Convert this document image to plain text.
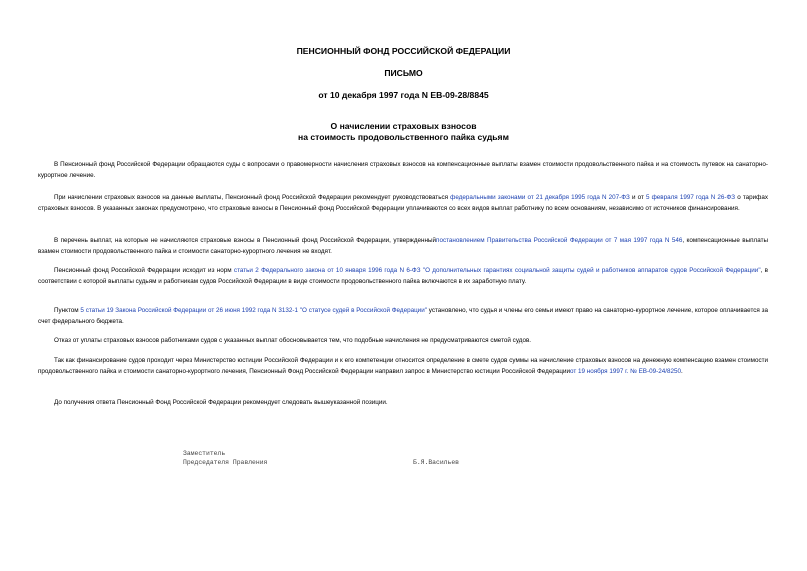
ПЕНСИОННЫЙ ФОНД РОССИЙСКОЙ ФЕДЕРАЦИИ
ПИСЬМО
от 10 декабря 1997 года N ЕВ-09-28/8845
О начислении страховых взносов
на стоимость продовольственного пайка судьям

В Пенсионный фонд Российской Федерации обращаются суды с вопросами о правомерности начисления страховых взносов на компенсационные выплаты взамен стоимости продовольственного пайка и на стоимость путевок на санаторно-курортное лечение.

При начислении страховых взносов на данные выплаты, Пенсионный фонд Российской Федерации рекомендует руководствоваться федеральными законами от 21 декабря 1995 года N 207-ФЗ и от 5 февраля 1997 года N 26-ФЗ о тарифах страховых взносов. В указанных законах предусмотрено, что страховые взносы в Пенсионный фонд Российской Федерации уплачиваются со всех видов выплат работнику по всем основаниям, независимо от источников финансирования.

В перечень выплат, на которые не начисляются страховые взносы в Пенсионный фонд Российской Федерации, утвержденныйпостановлением Правительства Российской Федерации от 7 мая 1997 года N 546, компенсационные выплаты взамен стоимости продовольственного пайка и стоимости санаторно-курортного лечения не входят.

Пенсионный фонд Российской Федерации исходит из норм статьи 2 Федерального закона от 10 января 1996 года N 6-ФЗ "О дополнительных гарантиях социальной защиты судей и работников аппаратов судов Российской Федерации", в соответствии с которой выплаты судьям и работникам судов Российской Федерации в виде стоимости продовольственного пайка включаются в их заработную плату.

Пунктом 5 статьи 19 Закона Российской Федерации от 26 июня 1992 года N 3132-1 "О статусе судей в Российской Федерации" установлено, что судья и члены его семьи имеют право на санаторно-курортное лечение, которое оплачивается за счет федерального бюджета.

Отказ от уплаты страховых взносов работниками судов с указанных выплат обосновывается тем, что подобные начисления не предусматриваются сметой судов.

Так как финансирование судов проходит через Министерство юстиции Российской Федерации и к его компетенции относится определение в смете судов суммы на начисление страховых взносов на денежную компенсацию взамен стоимости продовольственного пайка и стоимости санаторно-курортного лечения, Пенсионный Фонд Российской Федерации направил запрос в Министерство юстиции Российской Федерацииот 19 ноября 1997 г. № ЕВ-09-24/8250.

До получения ответа Пенсионный Фонд Российской Федерации рекомендует следовать вышеуказанной позиции.

Заместитель
Председателя Правления	Б.Я.Васильев
